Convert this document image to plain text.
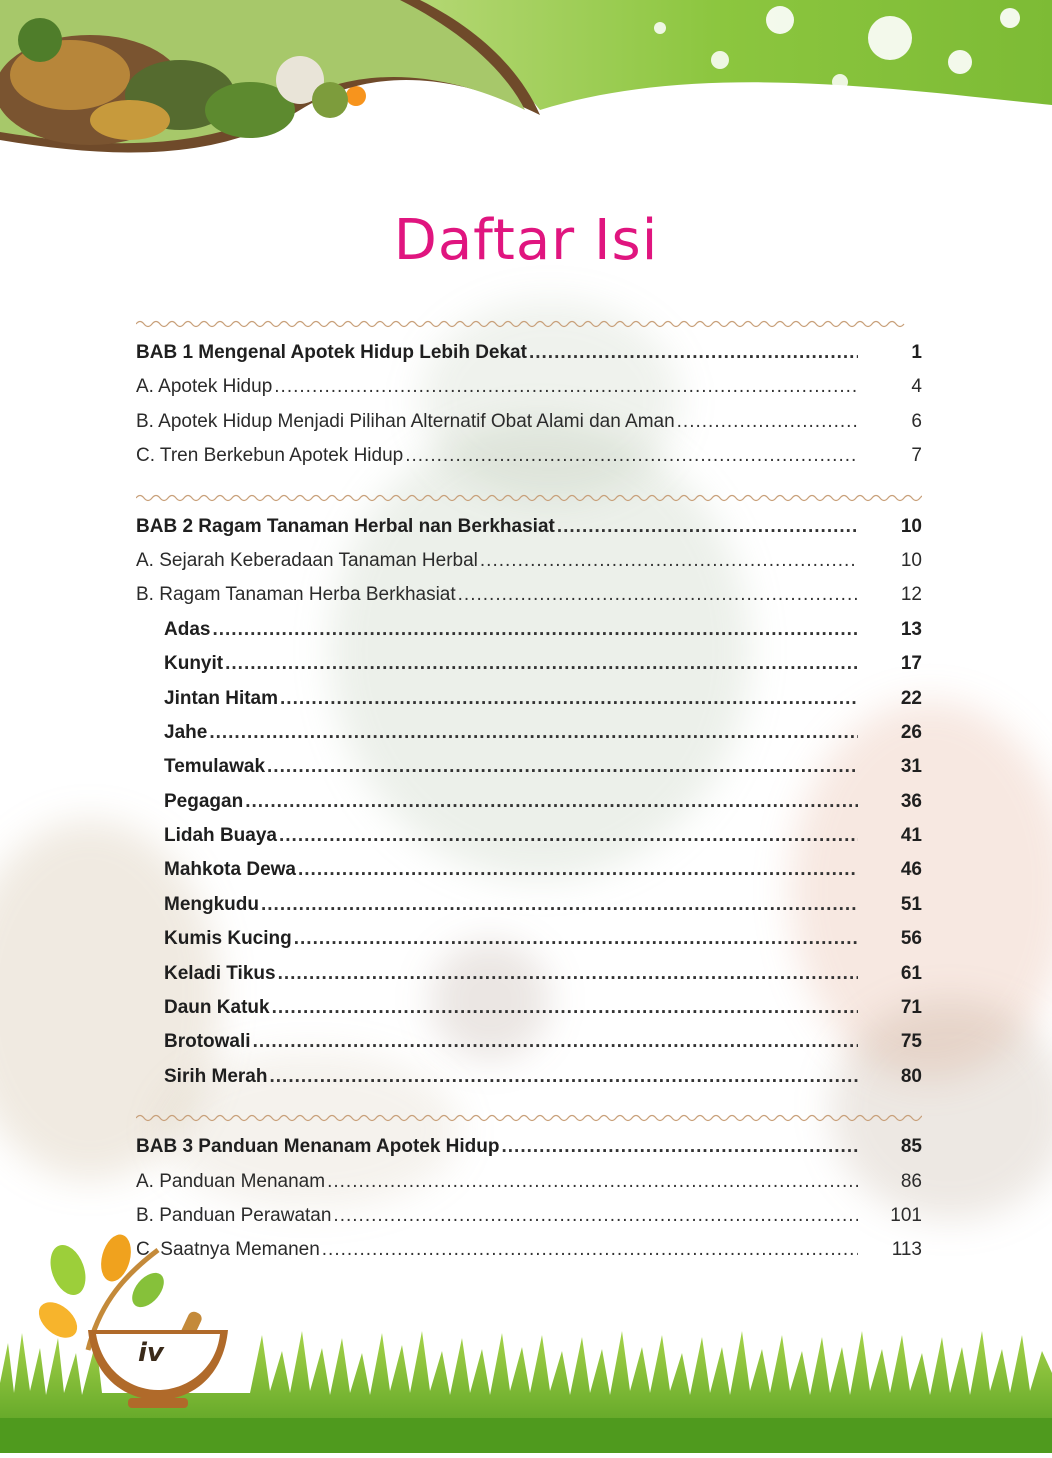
Daftar Isi
BAB 1 Mengenal Apotek Hidup Lebih Dekat .....	1
A. Apotek Hidup .....	4
B. Apotek Hidup Menjadi Pilihan Alternatif Obat Alami dan Aman .....	6
C. Tren Berkebun Apotek Hidup .....	7
BAB 2 Ragam Tanaman Herbal nan Berkhasiat .....	10
A. Sejarah Keberadaan Tanaman Herbal .....	10
B. Ragam Tanaman Herba Berkhasiat .....	12
Adas .....	13
Kunyit .....	17
Jintan Hitam .....	22
Jahe .....	26
Temulawak .....	31
Pegagan .....	36
Lidah Buaya .....	41
Mahkota Dewa .....	46
Mengkudu .....	51
Kumis Kucing .....	56
Keladi Tikus .....	61
Daun Katuk .....	71
Brotowali .....	75
Sirih Merah .....	80
BAB 3 Panduan Menanam Apotek Hidup .....	85
A. Panduan Menanam .....	86
B. Panduan Perawatan .....	101
C. Saatnya Memanen .....	113
iv
